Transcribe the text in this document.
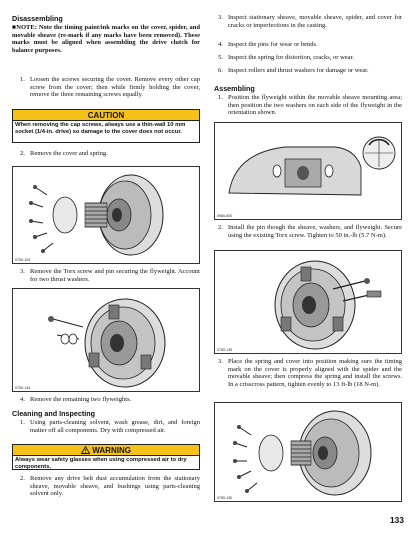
Disassembling
■NOTE: Note the timing paint/ink marks on the cover, spider, and movable sheave (re-mark if any marks have been removed). These marks must be aligned when assembling the drive clutch for balance purposes.
1. Loosen the screws securing the cover. Remove every other cap screw from the cover; then while firmly holding the cover, remove the three remaining screws equally.
CAUTION
When removing the cap screws, always use a thin-wall 10 mm socket (1/4-in. drive) so damage to the cover does not occur.
2. Remove the cover and spring.
0750-129
3. Remove the Torx screw and pin securing the flyweight. Account for two thrust washers.
0750-134
4. Remove the remaining two flyweights.
Cleaning and Inspecting
1. Using parts-cleaning solvent, wash grease, dirt, and foreign matter off all components. Dry with compressed air.
WARNING
Always wear safety glasses when using compressed air to dry components.
2. Remove any drive belt dust accumulation from the stationary sheave, movable sheave, and bushings using parts-cleaning solvent only.
3. Inspect stationary sheave, movable sheave, spider, and cover for cracks or imperfections in the casting.
4. Inspect the pins for wear or bends.
5. Inspect the spring for distortion, cracks, or wear.
6. Inspect rollers and thrust washers for damage or wear.
Assembling
1. Position the flyweight within the movable sheave mounting area; then position the two washers on each side of the flyweight in the orientation shown.
0965-600
2. Install the pin though the sheave, washers, and flyweight. Secure using the existing Torx screw. Tighten to 50 in.-lb (5.7 N-m).
0750-135
3. Place the spring and cover into position making sure the timing mark on the cover is properly aligned with the spider and the movable sheave; then compress the spring and install the screws. In a crisscross pattern, tighten evenly to 13 ft-lb (18 N-m).
0750-130
133
